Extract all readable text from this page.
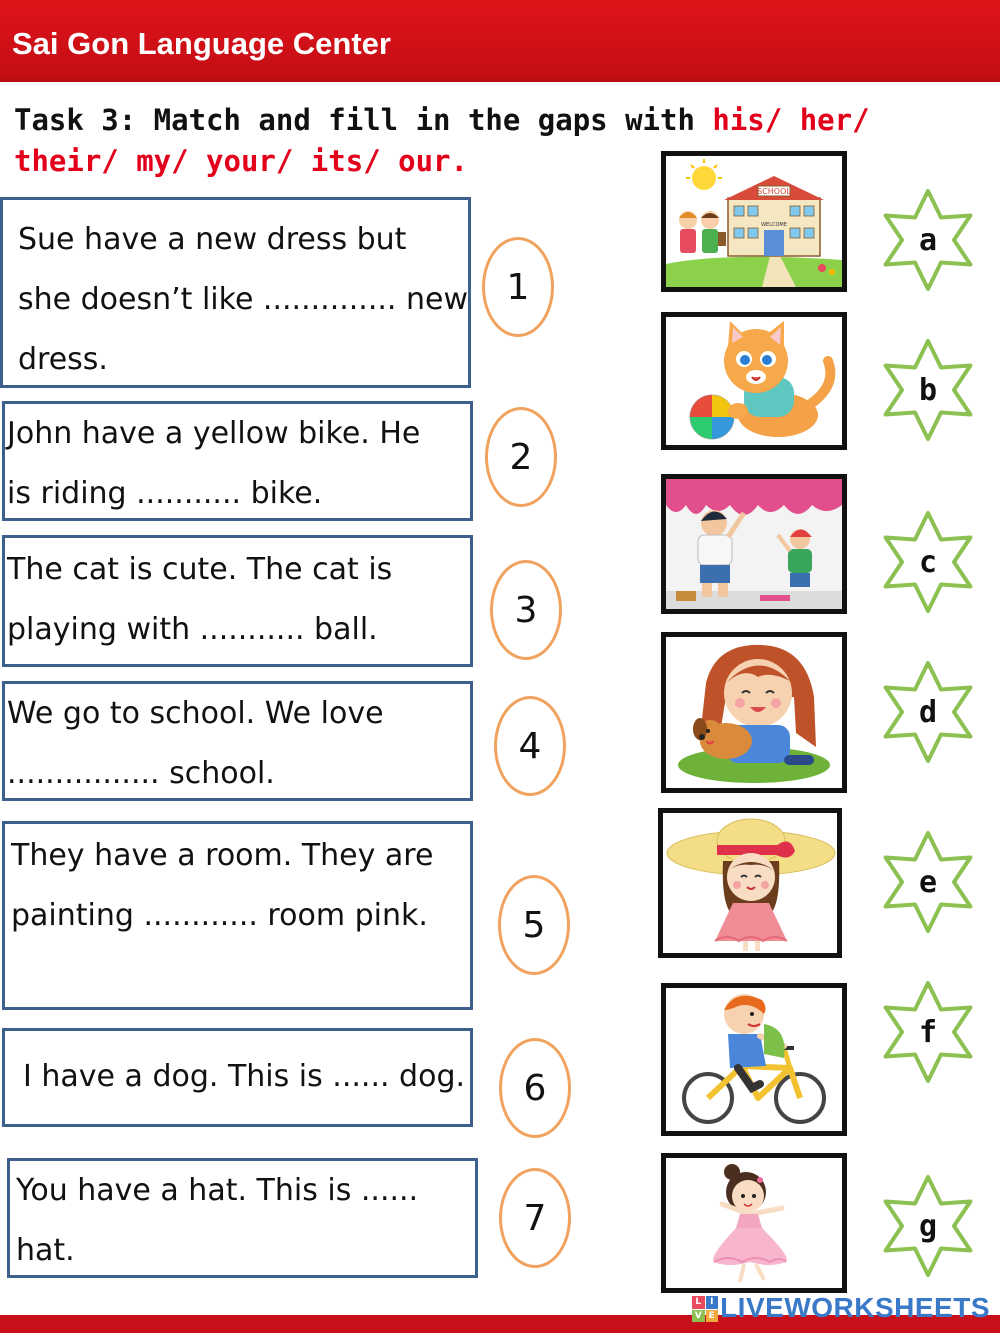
Sai Gon Language Center
Task 3: Match and fill in the gaps with his/ her/ their/ my/ your/ its/ our.
Sue have a new dress but
she doesn’t like .............. new
dress.
John have a yellow bike. He
is riding ........... bike.
The cat is cute. The cat is
playing with ........... ball.
We go to school. We love
................ school.
They have a room. They are
painting ............ room pink.
I have a dog. This is ...... dog.
You have a hat. This is ......
hat.
1
2
3
4
5
6
7
SCHOOL
WELCOME	a
b
c
d
e
f
g
L I
V E LIVEWORKSHEETS
